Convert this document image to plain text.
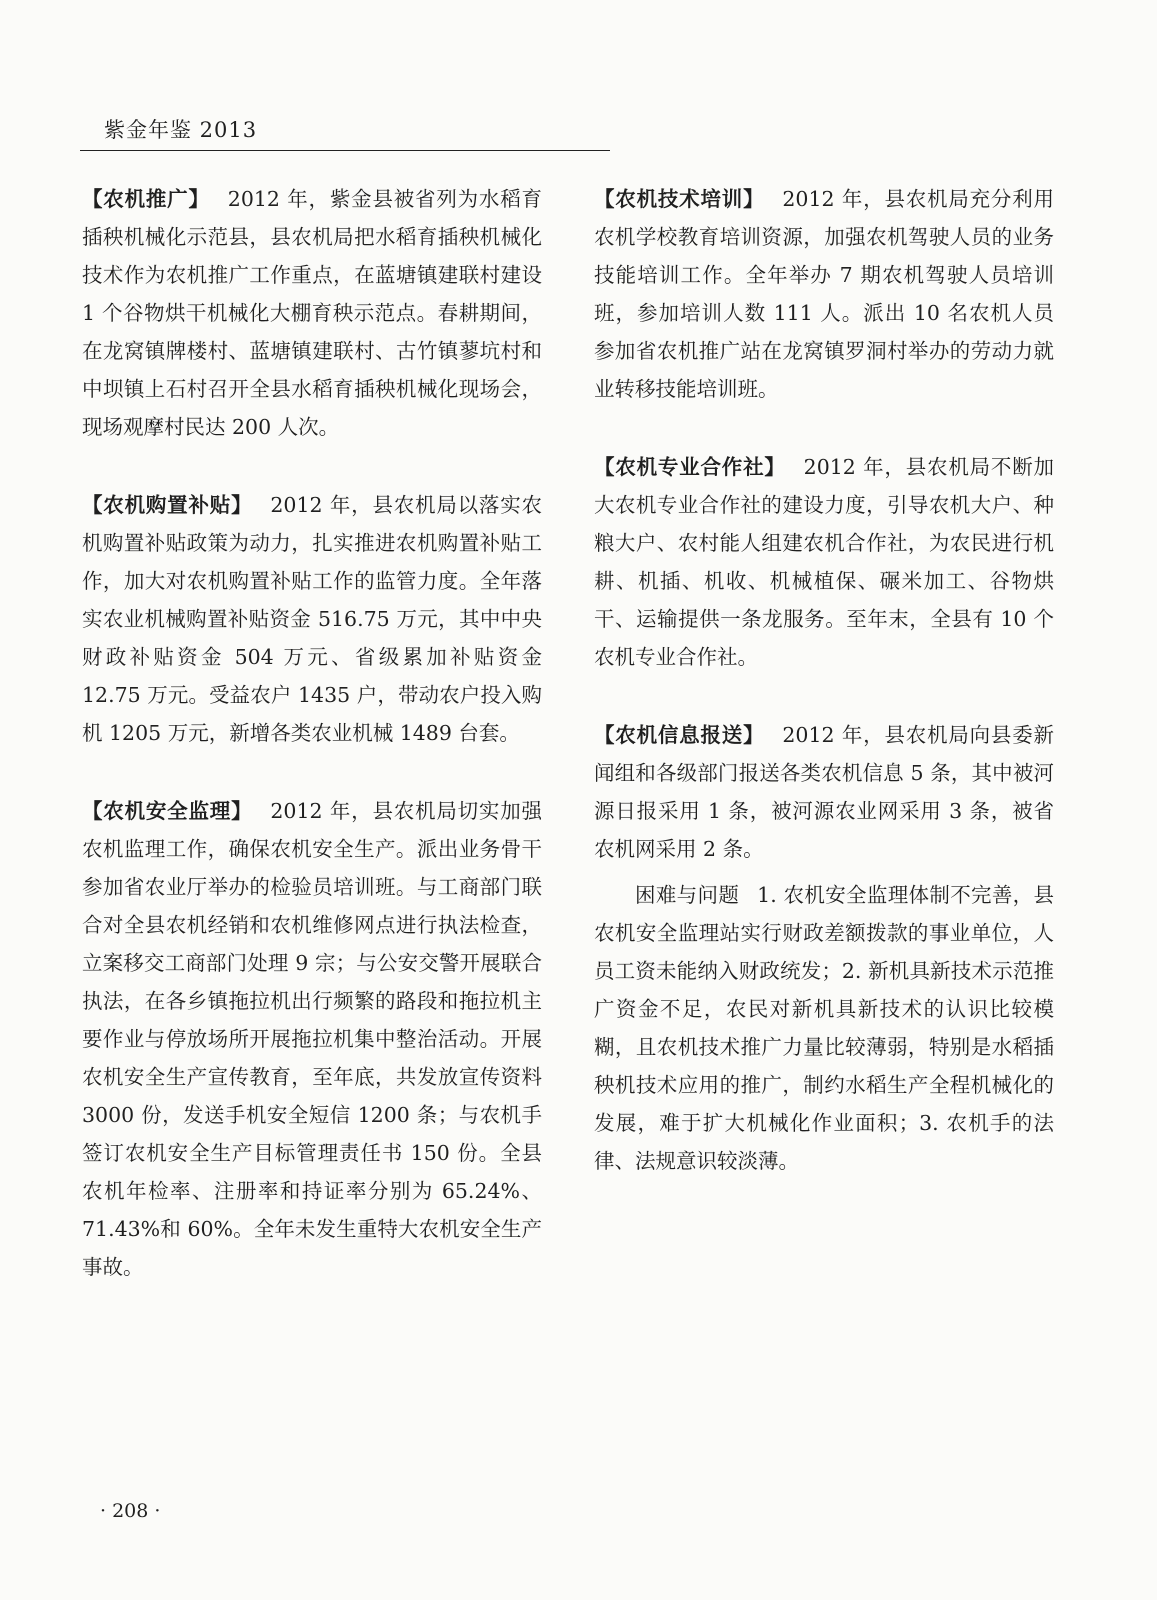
紫金年鉴 2013

【农机推广】 2012 年，紫金县被省列为水稻育插秧机械化示范县，县农机局把水稻育插秧机械化技术作为农机推广工作重点，在蓝塘镇建联村建设 1 个谷物烘干机械化大棚育秧示范点。春耕期间，在龙窝镇牌楼村、蓝塘镇建联村、古竹镇蓼坑村和中坝镇上石村召开全县水稻育插秧机械化现场会，现场观摩村民达 200 人次。

【农机购置补贴】 2012 年，县农机局以落实农机购置补贴政策为动力，扎实推进农机购置补贴工作，加大对农机购置补贴工作的监管力度。全年落实农业机械购置补贴资金 516.75 万元，其中中央财政补贴资金 504 万元、省级累加补贴资金 12.75 万元。受益农户 1435 户，带动农户投入购机 1205 万元，新增各类农业机械 1489 台套。

【农机安全监理】 2012 年，县农机局切实加强农机监理工作，确保农机安全生产。派出业务骨干参加省农业厅举办的检验员培训班。与工商部门联合对全县农机经销和农机维修网点进行执法检查，立案移交工商部门处理 9 宗；与公安交警开展联合执法，在各乡镇拖拉机出行频繁的路段和拖拉机主要作业与停放场所开展拖拉机集中整治活动。开展农机安全生产宣传教育，至年底，共发放宣传资料 3000 份，发送手机安全短信 1200 条；与农机手签订农机安全生产目标管理责任书 150 份。全县农机年检率、注册率和持证率分别为 65.24%、71.43%和 60%。全年未发生重特大农机安全生产事故。

【农机技术培训】 2012 年，县农机局充分利用农机学校教育培训资源，加强农机驾驶人员的业务技能培训工作。全年举办 7 期农机驾驶人员培训班，参加培训人数 111 人。派出 10 名农机人员参加省农机推广站在龙窝镇罗洞村举办的劳动力就业转移技能培训班。

【农机专业合作社】 2012 年，县农机局不断加大农机专业合作社的建设力度，引导农机大户、种粮大户、农村能人组建农机合作社，为农民进行机耕、机插、机收、机械植保、碾米加工、谷物烘干、运输提供一条龙服务。至年末，全县有 10 个农机专业合作社。

【农机信息报送】 2012 年，县农机局向县委新闻组和各级部门报送各类农机信息 5 条，其中被河源日报采用 1 条，被河源农业网采用 3 条，被省农机网采用 2 条。

困难与问题 1. 农机安全监理体制不完善，县农机安全监理站实行财政差额拨款的事业单位，人员工资未能纳入财政统发；2. 新机具新技术示范推广资金不足，农民对新机具新技术的认识比较模糊，且农机技术推广力量比较薄弱，特别是水稻插秧机技术应用的推广，制约水稻生产全程机械化的发展，难于扩大机械化作业面积；3. 农机手的法律、法规意识较淡薄。

· 208 ·
